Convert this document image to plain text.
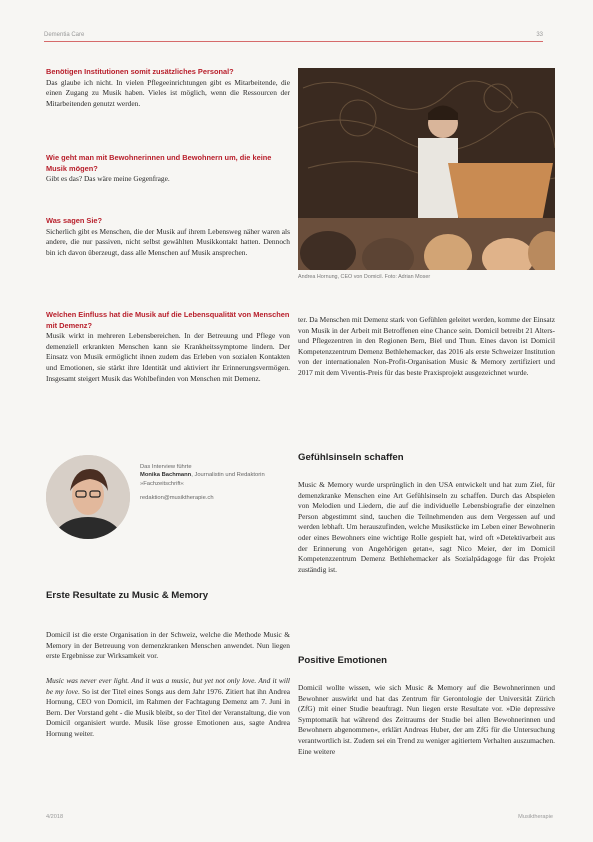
Dementia Care	33

Benötigen Institutionen somit zusätzliches Personal?

Das glaube ich nicht. In vielen Pflegeeinrichtungen gibt es Mitarbeitende, die einen Zugang zu Musik haben. Vieles ist möglich, wenn die Ressourcen der Mitarbeitenden genutzt werden.

Wie geht man mit Bewohnerinnen und Bewohnern um, die keine Musik mögen?

Gibt es das? Das wäre meine Gegenfrage.

Was sagen Sie?

Sicherlich gibt es Menschen, die der Musik auf ihrem Lebensweg näher waren als andere, die nur passiven, nicht selbst gewählten Musikkontakt hatten. Dennoch bin ich davon überzeugt, dass alle Menschen auf Musik ansprechen.

Welchen Einfluss hat die Musik auf die Lebensqualität von Menschen mit Demenz?

Musik wirkt in mehreren Lebensbereichen. In der Betreuung und Pflege von demenziell erkrankten Menschen kann sie Krankheitssymptome lindern. Der Einsatz von Musik ermöglicht ihnen zudem das Erleben von sozialen Kontakten und Emotionen, sie stärkt ihre Identität und aktiviert ihr Erinnerungsvermögen. Insgesamt steigert Musik das Wohlbefinden von Menschen mit Demenz.

Andrea Hornung, CEO von Domicil. Foto: Adrian Moser
Das Interview führte
Monika Bachmann, Journalistin und Redaktorin »Fachzeitschrift«
redaktion@musiktherapie.ch
Erste Resultate zu Music & Memory

Domicil ist die erste Organisation in der Schweiz, welche die Methode Music & Memory in der Betreuung von demenzkranken Menschen anwendet. Nun liegen erste Ergebnisse zur Wirksamkeit vor.

Music was never ever light. And it was a music, but yet not only love. And it will be my love. So ist der Titel eines Songs aus dem Jahr 1976. Zitiert hat ihn Andrea Hornung, CEO von Domicil, im Rahmen der Fachtagung Demenz am 7. Juni in Bern. Der Vorstand geht - die Musik bleibt, so der Titel der Veranstaltung, die von Domicil organisiert wurde. Musik löse grosse Emotionen aus, sagte Andrea Hornung weiter.

ter. Da Menschen mit Demenz stark von Gefühlen geleitet werden, komme der Einsatz von Musik in der Arbeit mit Betroffenen eine Chance sein. Domicil betreibt 21 Alters- und Pflegezentren in den Regionen Bern, Biel und Thun. Eines davon ist Domicil Kompetenzzentrum Demenz Bethlehemacker, das 2016 als erste Schweizer Institution von der internationalen Non-Profit-Organisation Music & Memory zertifiziert und 2017 mit dem Viventis-Preis für das beste Praxisprojekt ausgezeichnet wurde.

Gefühlsinseln schaffen

Music & Memory wurde ursprünglich in den USA entwickelt und hat zum Ziel, für demenzkranke Menschen eine Art Gefühlsinseln zu schaffen. Durch das Abspielen von Melodien und Liedern, die auf die individuelle Lebensbiografie der einzelnen Person abgestimmt sind, tauchen die Teilnehmenden aus dem Vergessen auf und werden lebhaft. Um herauszufinden, welche Musikstücke im Leben einer Bewohnerin oder eines Bewohners eine wichtige Rolle gespielt hat, wird oft »Detektivarbeit aus der Erinnerung von Angehörigen getan«, sagt Nico Meier, der im Domicil Kompetenzzentrum Demenz Bethlehemacker als Sozialpädagoge für das Projekt zuständig ist.

Positive Emotionen

Domicil wollte wissen, wie sich Music & Memory auf die Bewohnerinnen und Bewohner auswirkt und hat das Zentrum für Gerontologie der Universität Zürich (ZfG) mit einer Studie beauftragt. Nun liegen erste Resultate vor. »Die depressive Symptomatik hat während des Zeitraums der Studie bei allen Bewohnerinnen und Bewohnern abgenommen«, erklärt Andreas Huber, der am ZfG für die Untersuchung verantwortlich ist. Zudem sei ein Trend zu weniger agitiertem Verhalten auszumachen. Eine weitere

4/2018	Musiktherapie
